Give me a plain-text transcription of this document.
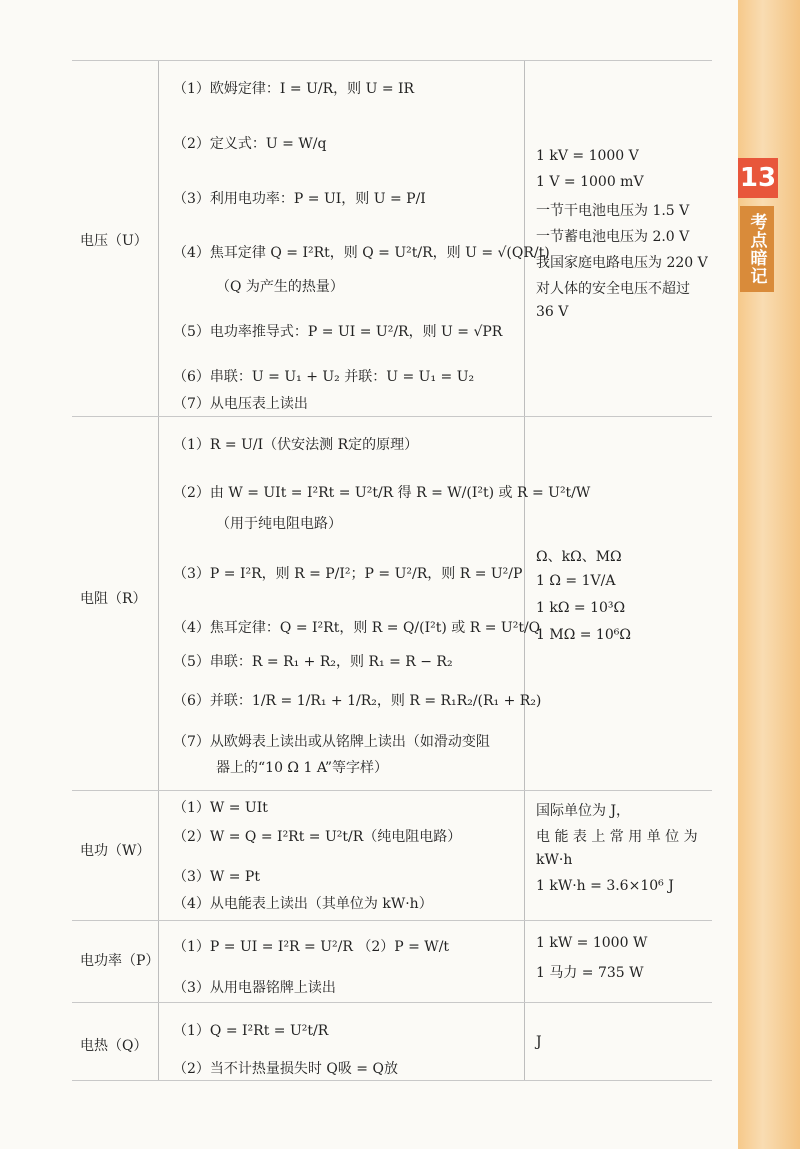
13
考点暗记
电压（U）
（1）欧姆定律：I = U/R，则 U = IR
（2）定义式：U = W/q
（3）利用电功率：P = UI，则 U = P/I
（4）焦耳定律 Q = I²Rt，则 Q = U²t/R，则 U = √(QR/t)
（Q 为产生的热量）
（5）电功率推导式：P = UI = U²/R，则 U = √PR
（6）串联：U = U₁ + U₂ 并联：U = U₁ = U₂
（7）从电压表上读出
1 kV = 1000 V
1 V = 1000 mV
一节干电池电压为 1.5 V
一节蓄电池电压为 2.0 V
我国家庭电路电压为 220 V
对人体的安全电压不超过
36 V
电阻（R）
（1）R = U/I（伏安法测 R定的原理）
（2）由 W = UIt = I²Rt = U²t/R 得 R = W/(I²t) 或 R = U²t/W
（用于纯电阻电路）
（3）P = I²R，则 R = P/I²；P = U²/R，则 R = U²/P
（4）焦耳定律：Q = I²Rt，则 R = Q/(I²t) 或 R = U²t/Q
（5）串联：R = R₁ + R₂，则 R₁ = R − R₂
（6）并联：1/R = 1/R₁ + 1/R₂，则 R = R₁R₂/(R₁ + R₂)
（7）从欧姆表上读出或从铭牌上读出（如滑动变阻
器上的“10 Ω 1 A”等字样）
Ω、kΩ、MΩ
1 Ω = 1V/A
1 kΩ = 10³Ω
1 MΩ = 10⁶Ω
电功（W）
（1）W = UIt
（2）W = Q = I²Rt = U²t/R（纯电阻电路）
（3）W = Pt
（4）从电能表上读出（其单位为 kW·h）
国际单位为 J，
电 能 表 上 常 用 单 位 为
kW·h
1 kW·h = 3.6×10⁶ J
电功率（P）
（1）P = UI = I²R = U²/R （2）P = W/t
（3）从用电器铭牌上读出
1 kW = 1000 W
1 马力 = 735 W
电热（Q）
（1）Q = I²Rt = U²t/R
（2）当不计热量损失时 Q吸 = Q放
J
